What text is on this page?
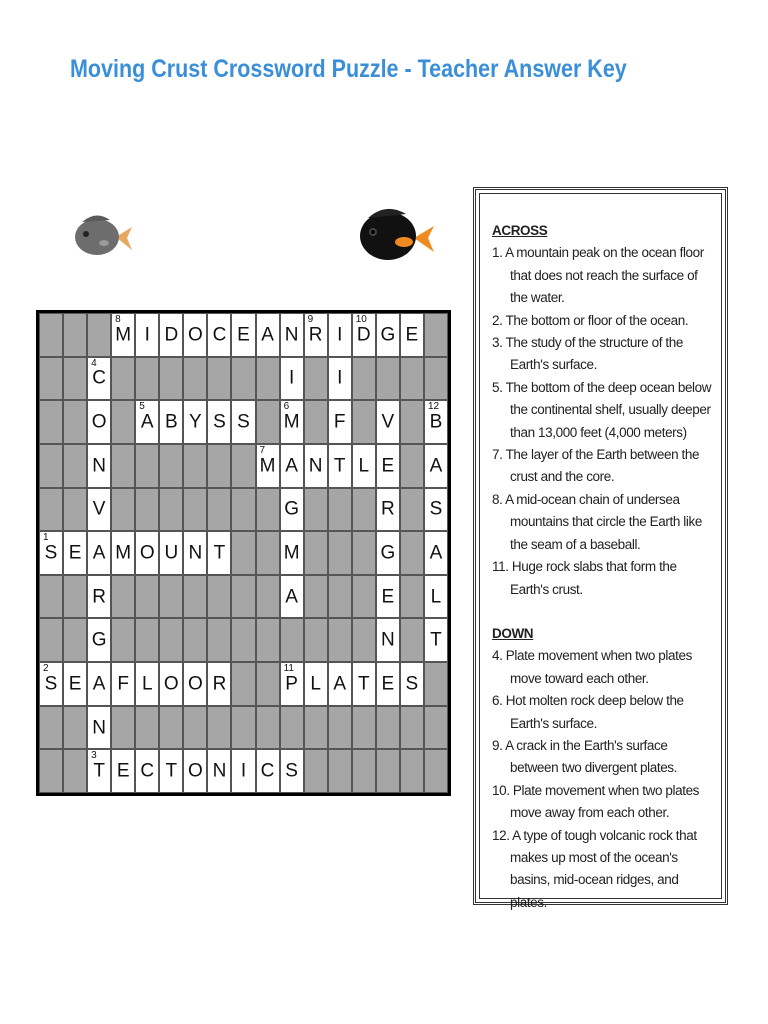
Moving Crust Crossword Puzzle - Teacher Answer Key
M
8
I D O C E A N R
9
I D
10
G E
C
4
I	I
O A
5
B Y S S M
6
F V B
12
N	M
7
A N T L E A
V	G	R S
S
1
E A M O U N T	M	G A
R	A	E	L
G	N T
S
2
E A F L O O R	P
11
L A T E S
N
T
3
E C T O N I C S
ACROSS
1. A mountain peak on the ocean floor that does not reach the surface of the water.
2. The bottom or floor of the ocean.
3. The study of the structure of the Earth's surface.
5. The bottom of the deep ocean below the continental shelf, usually deeper than 13,000 feet (4,000 meters)
7. The layer of the Earth between the crust and the core.
8. A mid-ocean chain of undersea mountains that circle the Earth like the seam of a baseball.
11. Huge rock slabs that form the Earth's crust.
DOWN
4. Plate movement when two plates move toward each other.
6. Hot molten rock deep below the Earth's surface.
9. A crack in the Earth's surface between two divergent plates.
10. Plate movement when two plates move away from each other.
12. A type of tough volcanic rock that makes up most of the ocean's basins, mid-ocean ridges, and plates.
